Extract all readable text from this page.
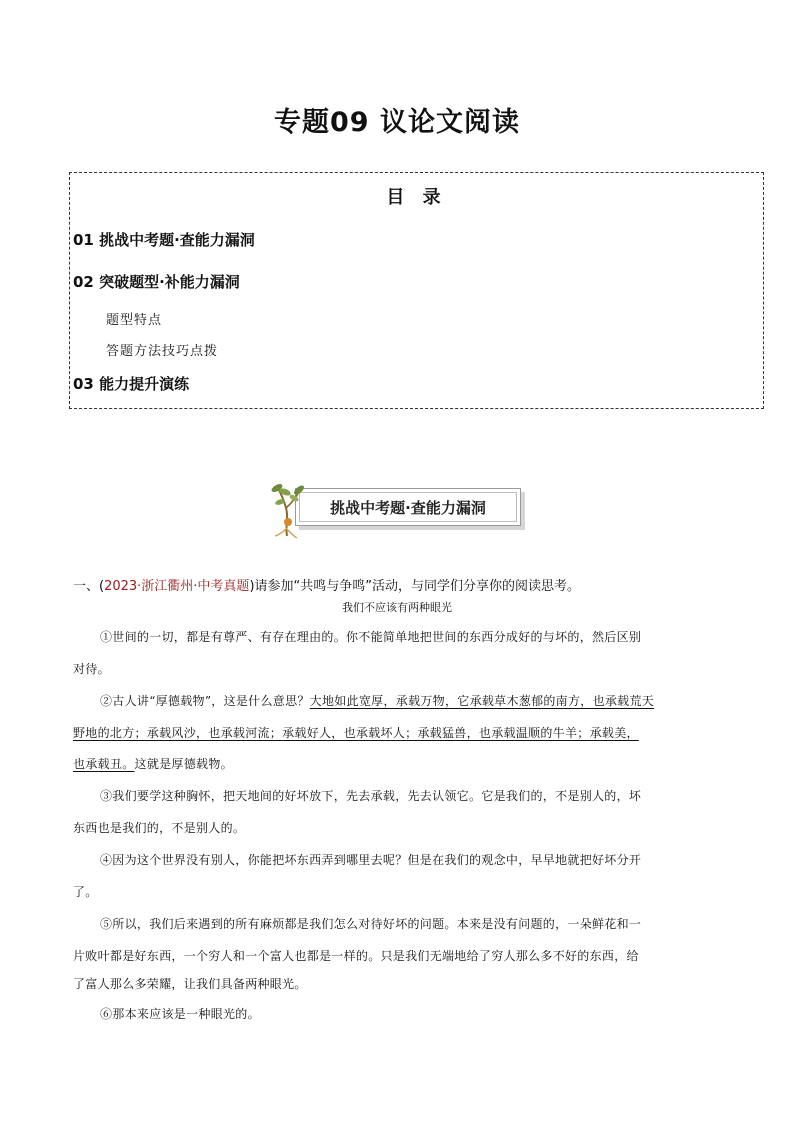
专题09 议论文阅读
目 录
01 挑战中考题·查能力漏洞
02 突破题型·补能力漏洞
题型特点
答题方法技巧点拨
03 能力提升演练
挑战中考题·查能力漏洞
一、(2023·浙江衢州·中考真题)请参加“共鸣与争鸣”活动，与同学们分享你的阅读思考。
我们不应该有两种眼光
①世间的一切，都是有尊严、有存在理由的。你不能简单地把世间的东西分成好的与坏的，然后区别
对待。
②古人讲“厚德载物”，这是什么意思？大地如此宽厚，承载万物，它承载草木葱郁的南方，也承载荒天
野地的北方；承载风沙，也承载河流；承载好人，也承载坏人；承载猛兽，也承载温顺的牛羊；承载美，
也承载丑。这就是厚德载物。
③我们要学这种胸怀，把天地间的好坏放下，先去承载，先去认领它。它是我们的，不是别人的，坏
东西也是我们的，不是别人的。
④因为这个世界没有别人，你能把坏东西弄到哪里去呢？但是在我们的观念中，早早地就把好坏分开
了。
⑤所以，我们后来遇到的所有麻烦都是我们怎么对待好坏的问题。本来是没有问题的，一朵鲜花和一
片败叶都是好东西，一个穷人和一个富人也都是一样的。只是我们无端地给了穷人那么多不好的东西，给
了富人那么多荣耀，让我们具备两种眼光。
⑥那本来应该是一种眼光的。
